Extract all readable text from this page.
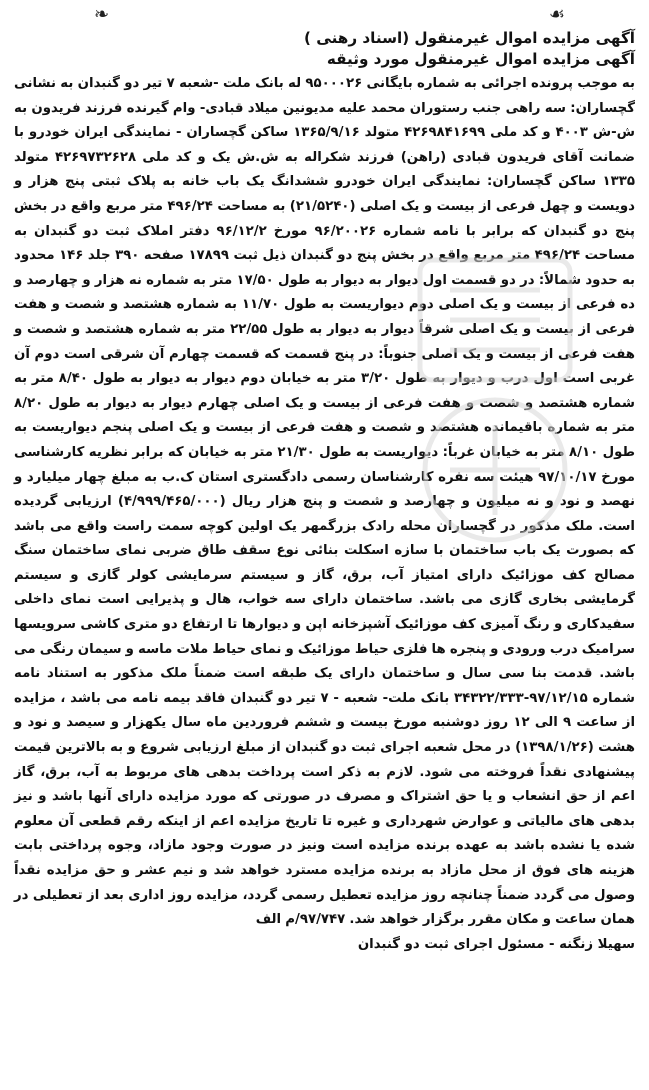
❧	☙
آگهی مزایده اموال غیرمنقول (اسناد رهنی )
آگهی مزایده اموال غیرمنقول مورد وثیقه

به موجب پرونده اجرائی به شماره بایگانی ۹۵۰۰۰۲۶ له بانک ملت -شعبه ۷ تیر دو گنبدان به نشانی گچساران: سه راهی جنب رستوران محمد علیه مدیونین میلاد قبادی- وام گیرنده فرزند فریدون به ش-ش ۴۰۰۳ و کد ملی ۴۲۶۹۸۴۱۶۹۹ متولد ۱۳۶۵/۹/۱۶ ساکن گچساران - نمایندگی ایران خودرو با ضمانت آقای فریدون قبادی (راهن) فرزند شکراله به ش.ش یک و کد ملی ۴۲۶۹۷۳۲۶۲۸ متولد ۱۳۳۵ ساکن گچساران: نمایندگی ایران خودرو ششدانگ یک باب خانه به پلاک ثبتی پنج هزار و دویست و چهل فرعی از بیست و یک اصلی (۲۱/۵۲۴۰) به مساحت ۴۹۶/۲۴ متر مربع واقع در بخش پنج دو گنبدان که برابر با نامه شماره ۹۶/۲۰۰۲۶ مورخ ۹۶/۱۲/۲ دفتر املاک ثبت دو گنبدان به مساحت ۴۹۶/۲۴ متر مربع واقع در بخش پنج دو گنبدان ذیل ثبت ۱۷۸۹۹ صفحه ۳۹۰ جلد ۱۴۶ محدود به حدود شمالاً: در دو قسمت اول دیوار به دیوار به طول ۱۷/۵۰ متر به شماره نه هزار و چهارصد و ده فرعی از بیست و یک اصلی دوم دیواریست به طول ۱۱/۷۰ به شماره هشتصد و شصت و هفت فرعی از بیست و یک اصلی شرقاً دیوار به دیوار به طول ۲۲/۵۵ متر به شماره هشتصد و شصت و هفت فرعی از بیست و یک اصلی جنوباً: در پنج قسمت که قسمت چهارم آن شرقی است دوم آن غربی است اول درب و دیوار به طول ۳/۲۰ متر به خیابان دوم دیوار به دیوار به طول ۸/۴۰ متر به شماره هشتصد و شصت و هفت فرعی از بیست و یک اصلی چهارم دیوار به دیوار به طول ۸/۲۰ متر به شماره باقیمانده هشتصد و شصت و هفت فرعی از بیست و یک اصلی پنجم دیواریست به طول ۸/۱۰ متر به خیابان غرباً: دیواریست به طول ۲۱/۳۰ متر به خیابان که برابر نظریه کارشناسی مورخ ۹۷/۱۰/۱۷ هیئت سه نفره کارشناسان رسمی دادگستری استان ک.ب به مبلغ چهار میلیارد و نهصد و نود و نه میلیون و چهارصد و شصت و پنج هزار ریال (۴/۹۹۹/۴۶۵/۰۰۰) ارزیابی گردیده است. ملک مذکور در گچساران محله رادک بزرگمهر یک اولین کوچه سمت راست واقع می باشد که بصورت یک باب ساختمان با سازه اسکلت بنائی نوع سقف طاق ضربی نمای ساختمان سنگ مصالح کف موزائیک دارای امتیاز آب، برق، گاز و سیستم سرمایشی کولر گازی و سیستم گرمایشی بخاری گازی می باشد. ساختمان دارای سه خواب، هال و پذیرایی است نمای داخلی سفیدکاری و رنگ آمیزی کف موزائیک آشپزخانه اپن و دیوارها تا ارتفاع دو متری کاشی سرویسها سرامیک درب ورودی و پنجره ها فلزی حیاط موزائیک و نمای حیاط ملات ماسه و سیمان رنگی می باشد. قدمت بنا سی سال و ساختمان دارای یک طبقه است ضمناً ملک مذکور به استناد نامه شماره ۹۷/۱۲/۱۵-۳۴۳۲۲/۳۳۳ بانک ملت- شعبه - ۷ تیر دو گنبدان فاقد بیمه نامه می باشد ، مزایده از ساعت ۹ الی ۱۲ روز دوشنبه مورخ بیست و ششم فروردین ماه سال یکهزار و سیصد و نود و هشت (۱۳۹۸/۱/۲۶) در محل شعبه اجرای ثبت دو گنبدان از مبلغ ارزیابی شروع و به بالاترین قیمت پیشنهادی نقداً فروخته می شود. لازم به ذکر است پرداخت بدهی های مربوط به آب، برق، گاز اعم از حق انشعاب و یا حق اشتراک و مصرف در صورتی که مورد مزایده دارای آنها باشد و نیز بدهی های مالیاتی و عوارض شهرداری و غیره تا تاریخ مزایده اعم از اینکه رقم قطعی آن معلوم شده یا نشده باشد به عهده برنده مزایده است ونیز در صورت وجود مازاد، وجوه پرداختی بابت هزینه های فوق از محل مازاد به برنده مزایده مسترد خواهد شد و نیم عشر و حق مزایده نقداً وصول می گردد ضمناً چنانچه روز مزایده تعطیل رسمی گردد، مزایده روز اداری بعد از تعطیلی در همان ساعت و مکان مقرر برگزار خواهد شد. ۹۷/۷۴۷/م الف

سهیلا زنگنه - مسئول اجرای ثبت دو گنبدان
